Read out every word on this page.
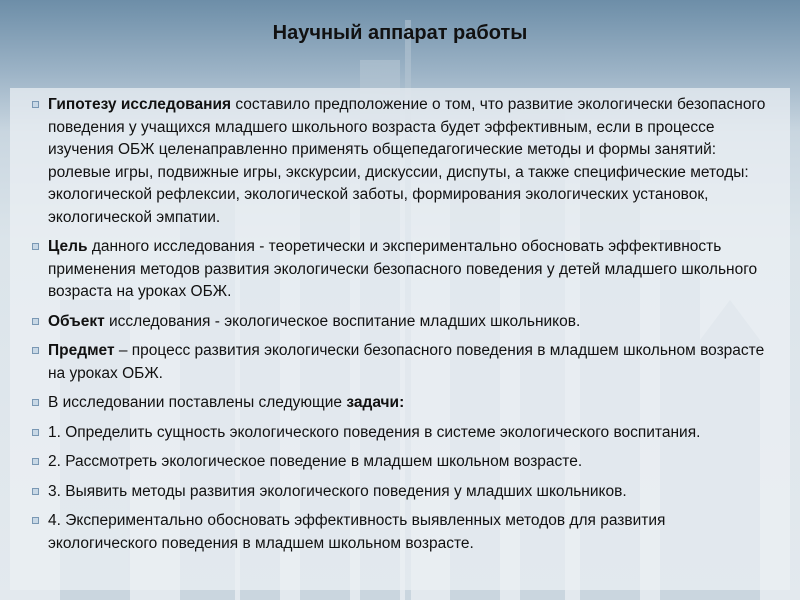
Научный аппарат работы
Гипотезу исследования составило предположение о том, что развитие экологически безопасного поведения у учащихся младшего школьного возраста будет эффективным, если в процессе изучения ОБЖ целенаправленно применять общепедагогические методы и формы занятий: ролевые игры, подвижные игры, экскурсии, дискуссии, диспуты, а также специфические методы: экологической рефлексии, экологической заботы, формирования экологических установок, экологической эмпатии.
Цель данного исследования - теоретически и экспериментально обосновать эффективность применения методов развития экологически безопасного поведения у детей младшего школьного возраста на уроках ОБЖ.
Объект исследования - экологическое воспитание младших школьников.
Предмет – процесс развития экологически безопасного поведения в младшем школьном возрасте на уроках ОБЖ.
В исследовании поставлены следующие задачи:
1. Определить сущность экологического поведения в системе экологического воспитания.
2. Рассмотреть экологическое поведение в младшем школьном возрасте.
3. Выявить методы развития экологического поведения у младших школьников.
4. Экспериментально обосновать эффективность выявленных методов для развития экологического поведения в младшем школьном возрасте.
